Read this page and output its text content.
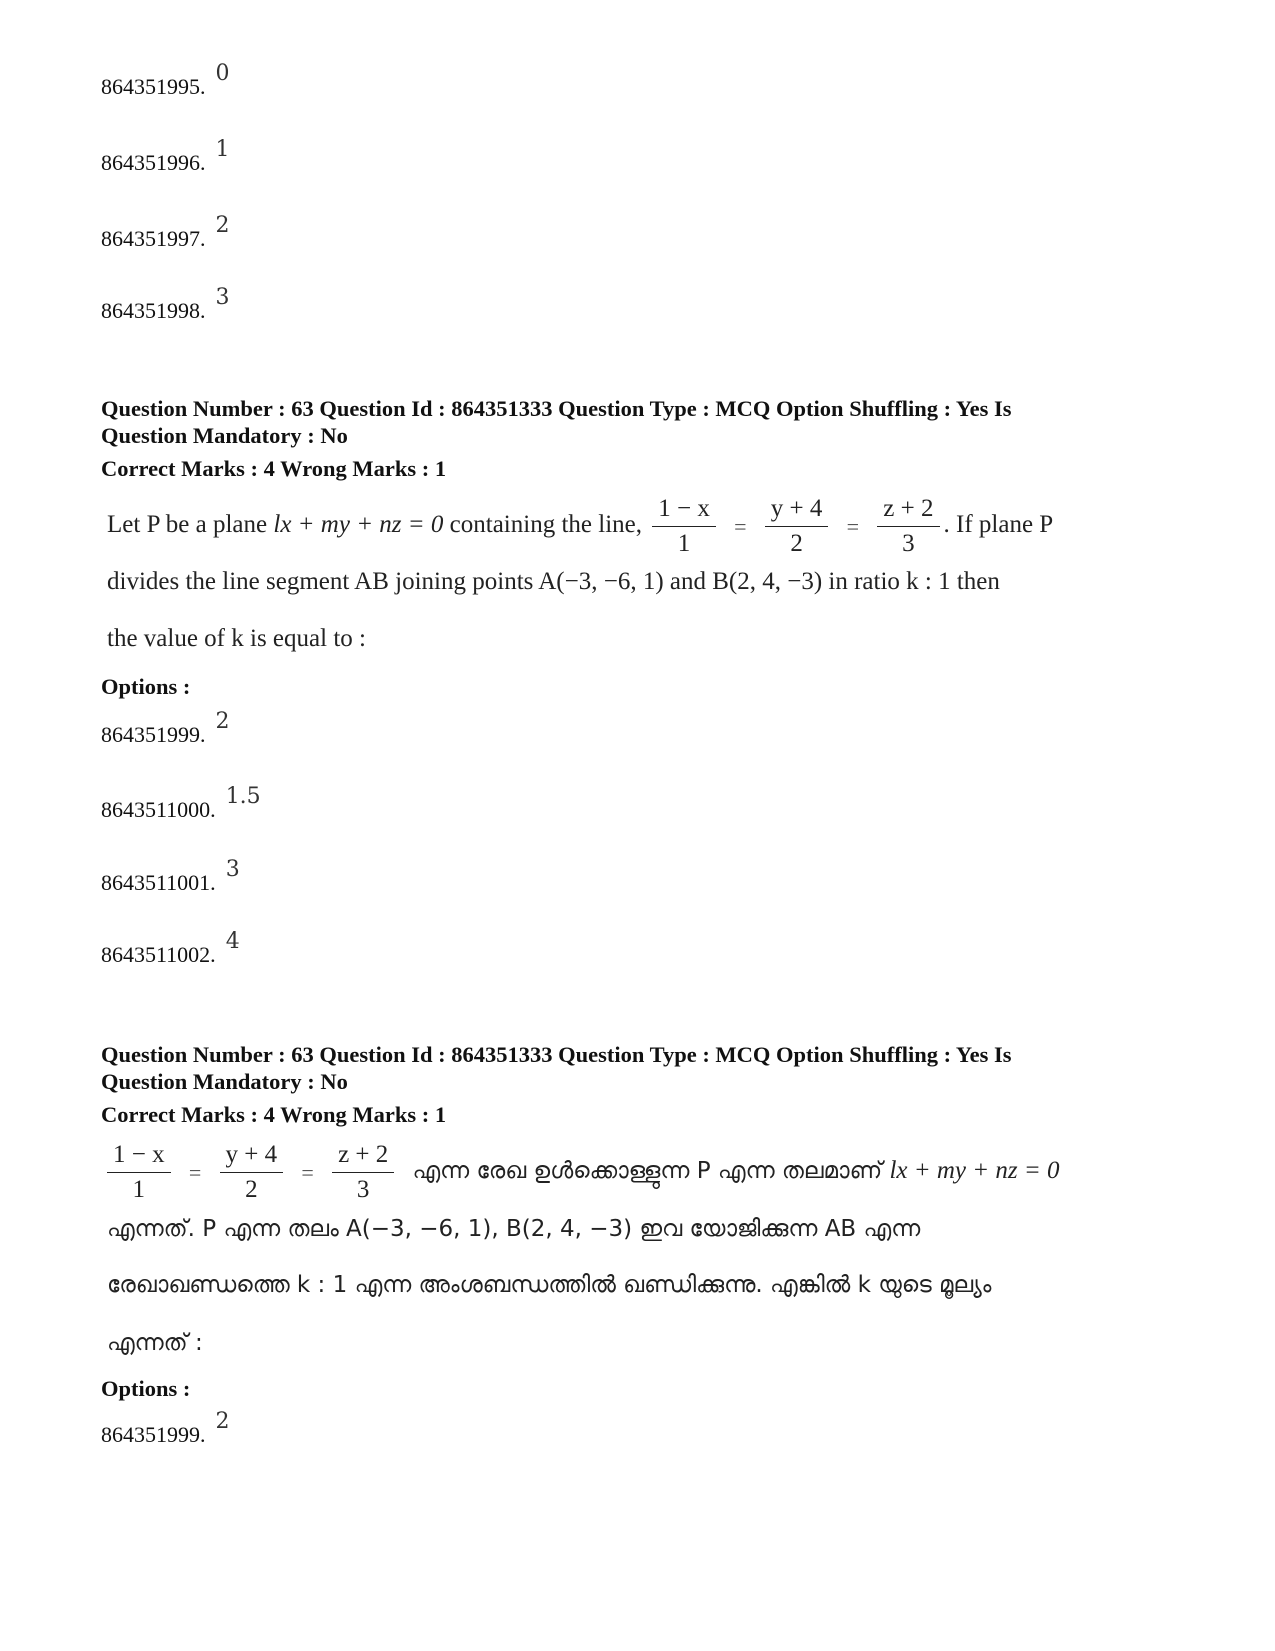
864351995.0
864351996.1
864351997.2
864351998.3
Question Number : 63 Question Id : 864351333 Question Type : MCQ Option Shuffling : Yes Is
Question Mandatory : No
Correct Marks : 4 Wrong Marks : 1
Let P be a plane lx + my + nz = 0 containing the line, $\frac{1 - x}{1} = \frac{y + 4}{2} = \frac{z + 2}{3}$ . If plane P
divides the line segment AB joining points A(−3, −6, 1) and B(2, 4, −3) in ratio k : 1 then
the value of k is equal to :
Options :
864351999.2
8643511000.1.5
8643511001.3
8643511002.4
Question Number : 63 Question Id : 864351333 Question Type : MCQ Option Shuffling : Yes Is
Question Mandatory : No
Correct Marks : 4 Wrong Marks : 1
$\frac{1 - x}{1} = \frac{y + 4}{2} = \frac{z + 2}{3}$ എന്ന രേഖ ഉൾക്കൊള്ളുന്ന P എന്ന തലമാണ് lx + my + nz = 0
എന്നത്. P എന്ന തലം A(−3, −6, 1), B(2, 4, −3) ഇവ യോജിക്കുന്ന AB എന്ന
രേഖാഖണ്ഡത്തെ k : 1 എന്ന അംശബന്ധത്തിൽ ഖണ്ഡിക്കുന്നു. എങ്കിൽ k യുടെ മൂല്യം
എന്നത് :
Options :
864351999.2
